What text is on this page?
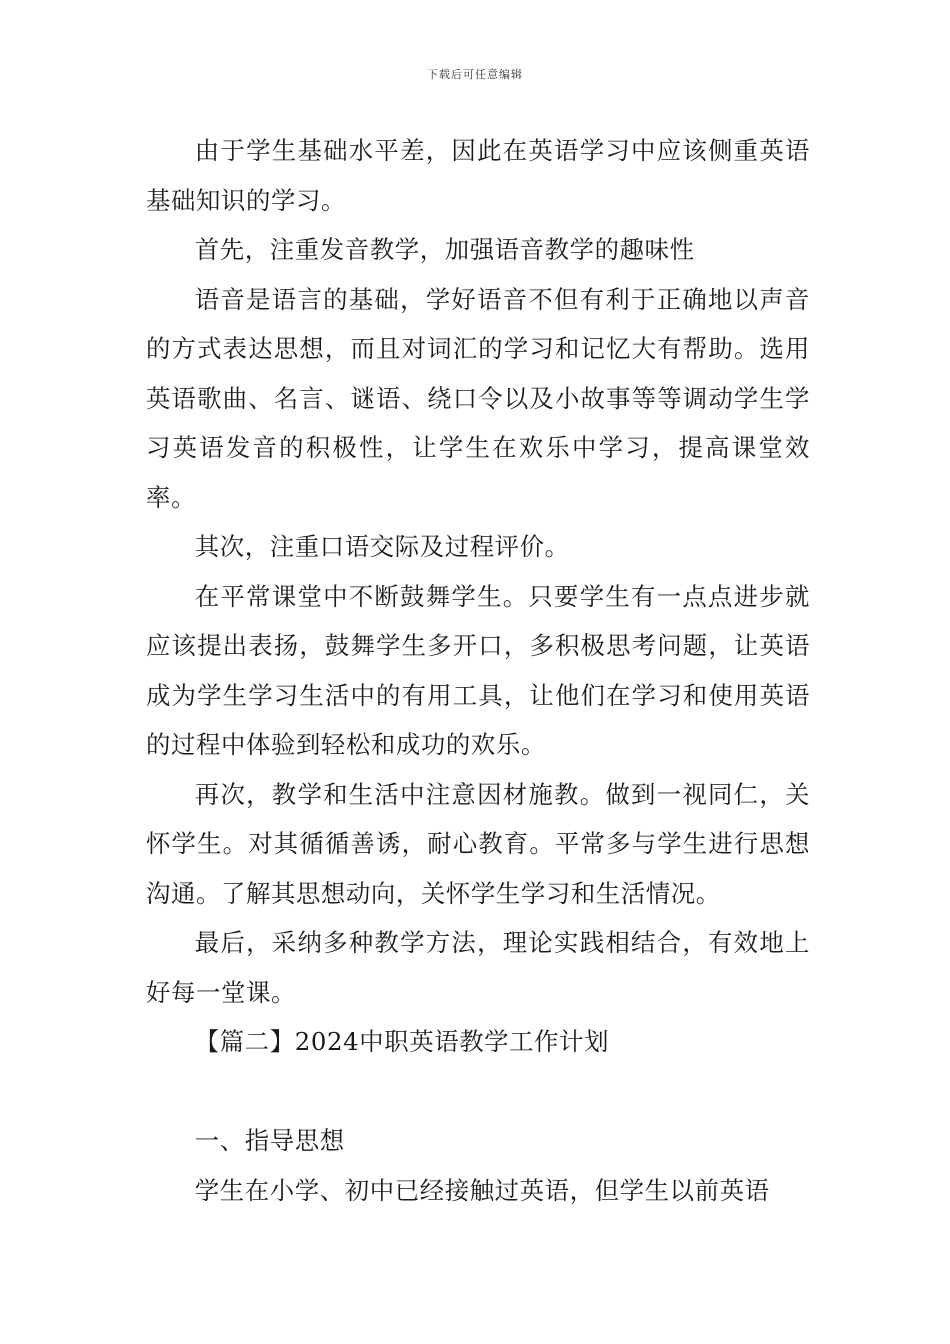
下载后可任意编辑

由于学生基础水平差，因此在英语学习中应该侧重英语基础知识的学习。

首先，注重发音教学，加强语音教学的趣味性

语音是语言的基础，学好语音不但有利于正确地以声音的方式表达思想，而且对词汇的学习和记忆大有帮助。选用英语歌曲、名言、谜语、绕口令以及小故事等等调动学生学习英语发音的积极性，让学生在欢乐中学习，提高课堂效率。

其次，注重口语交际及过程评价。

在平常课堂中不断鼓舞学生。只要学生有一点点进步就应该提出表扬，鼓舞学生多开口，多积极思考问题，让英语成为学生学习生活中的有用工具，让他们在学习和使用英语的过程中体验到轻松和成功的欢乐。

再次，教学和生活中注意因材施教。做到一视同仁，关怀学生。对其循循善诱，耐心教育。平常多与学生进行思想沟通。了解其思想动向，关怀学生学习和生活情况。

最后，采纳多种教学方法，理论实践相结合，有效地上好每一堂课。

【篇二】2024中职英语教学工作计划

一、指导思想

学生在小学、初中已经接触过英语，但学生以前英语
